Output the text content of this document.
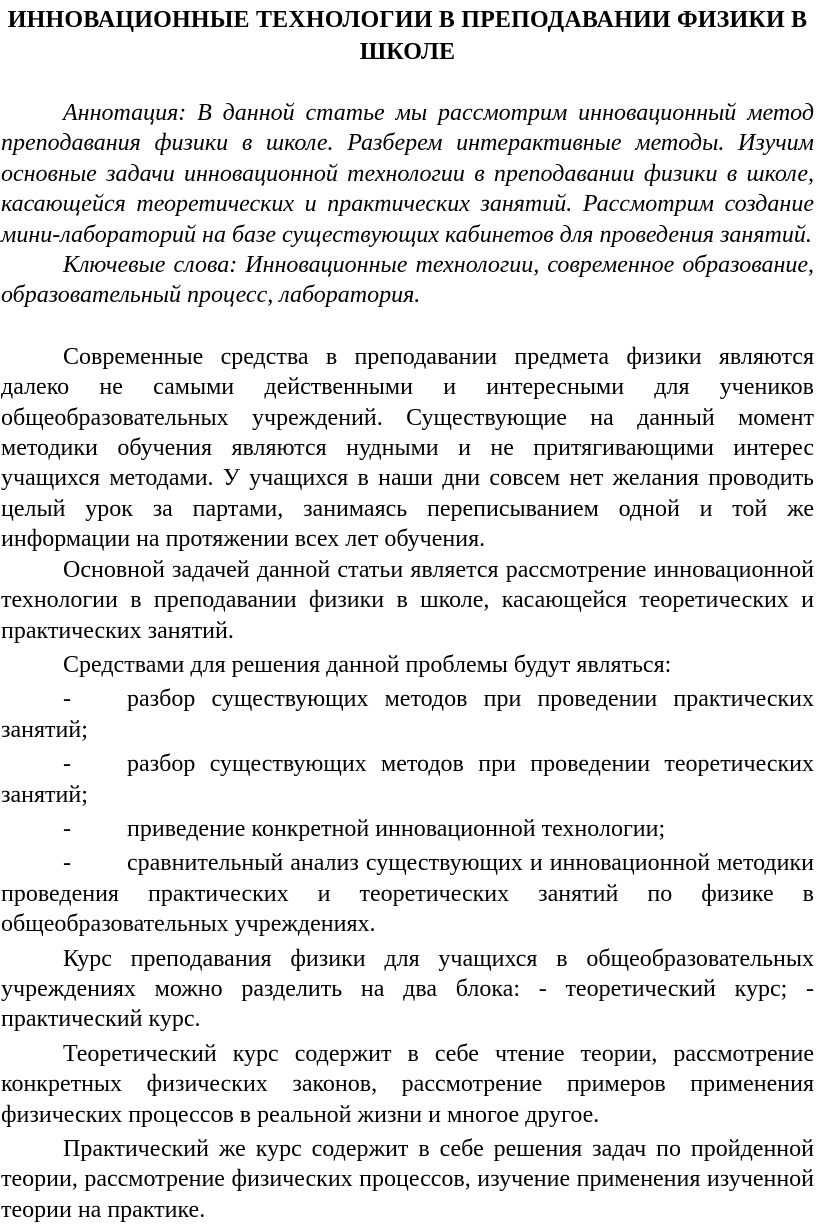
ИННОВАЦИОННЫЕ ТЕХНОЛОГИИ В ПРЕПОДАВАНИИ ФИЗИКИ В ШКОЛЕ

Аннотация: В данной статье мы рассмотрим инновационный метод преподавания физики в школе. Разберем интерактивные методы. Изучим основные задачи инновационной технологии в преподавании физики в школе, касающейся теоретических и практических занятий. Рассмотрим создание мини-лабораторий на базе существующих кабинетов для проведения занятий.

Ключевые слова: Инновационные технологии, современное образование, образовательный процесс, лаборатория.

Современные средства в преподавании предмета физики являются далеко не самыми действенными и интересными для учеников общеобразовательных учреждений. Существующие на данный момент методики обучения являются нудными и не притягивающими интерес учащихся методами. У учащихся в наши дни совсем нет желания проводить целый урок за партами, занимаясь переписыванием одной и той же информации на протяжении всех лет обучения.

Основной задачей данной статьи является рассмотрение инновационной технологии в преподавании физики в школе, касающейся теоретических и практических занятий.

Средствами для решения данной проблемы будут являться:

- разбор существующих методов при проведении практических занятий;
- разбор существующих методов при проведении теоретических занятий;
- приведение конкретной инновационной технологии;
- сравнительный анализ существующих и инновационной методики проведения практических и теоретических занятий по физике в общеобразовательных учреждениях.

Курс преподавания физики для учащихся в общеобразовательных учреждениях можно разделить на два блока: - теоретический курс; - практический курс.

Теоретический курс содержит в себе чтение теории, рассмотрение конкретных физических законов, рассмотрение примеров применения физических процессов в реальной жизни и многое другое.

Практический же курс содержит в себе решения задач по пройденной теории, рассмотрение физических процессов, изучение применения изученной теории на практике.
